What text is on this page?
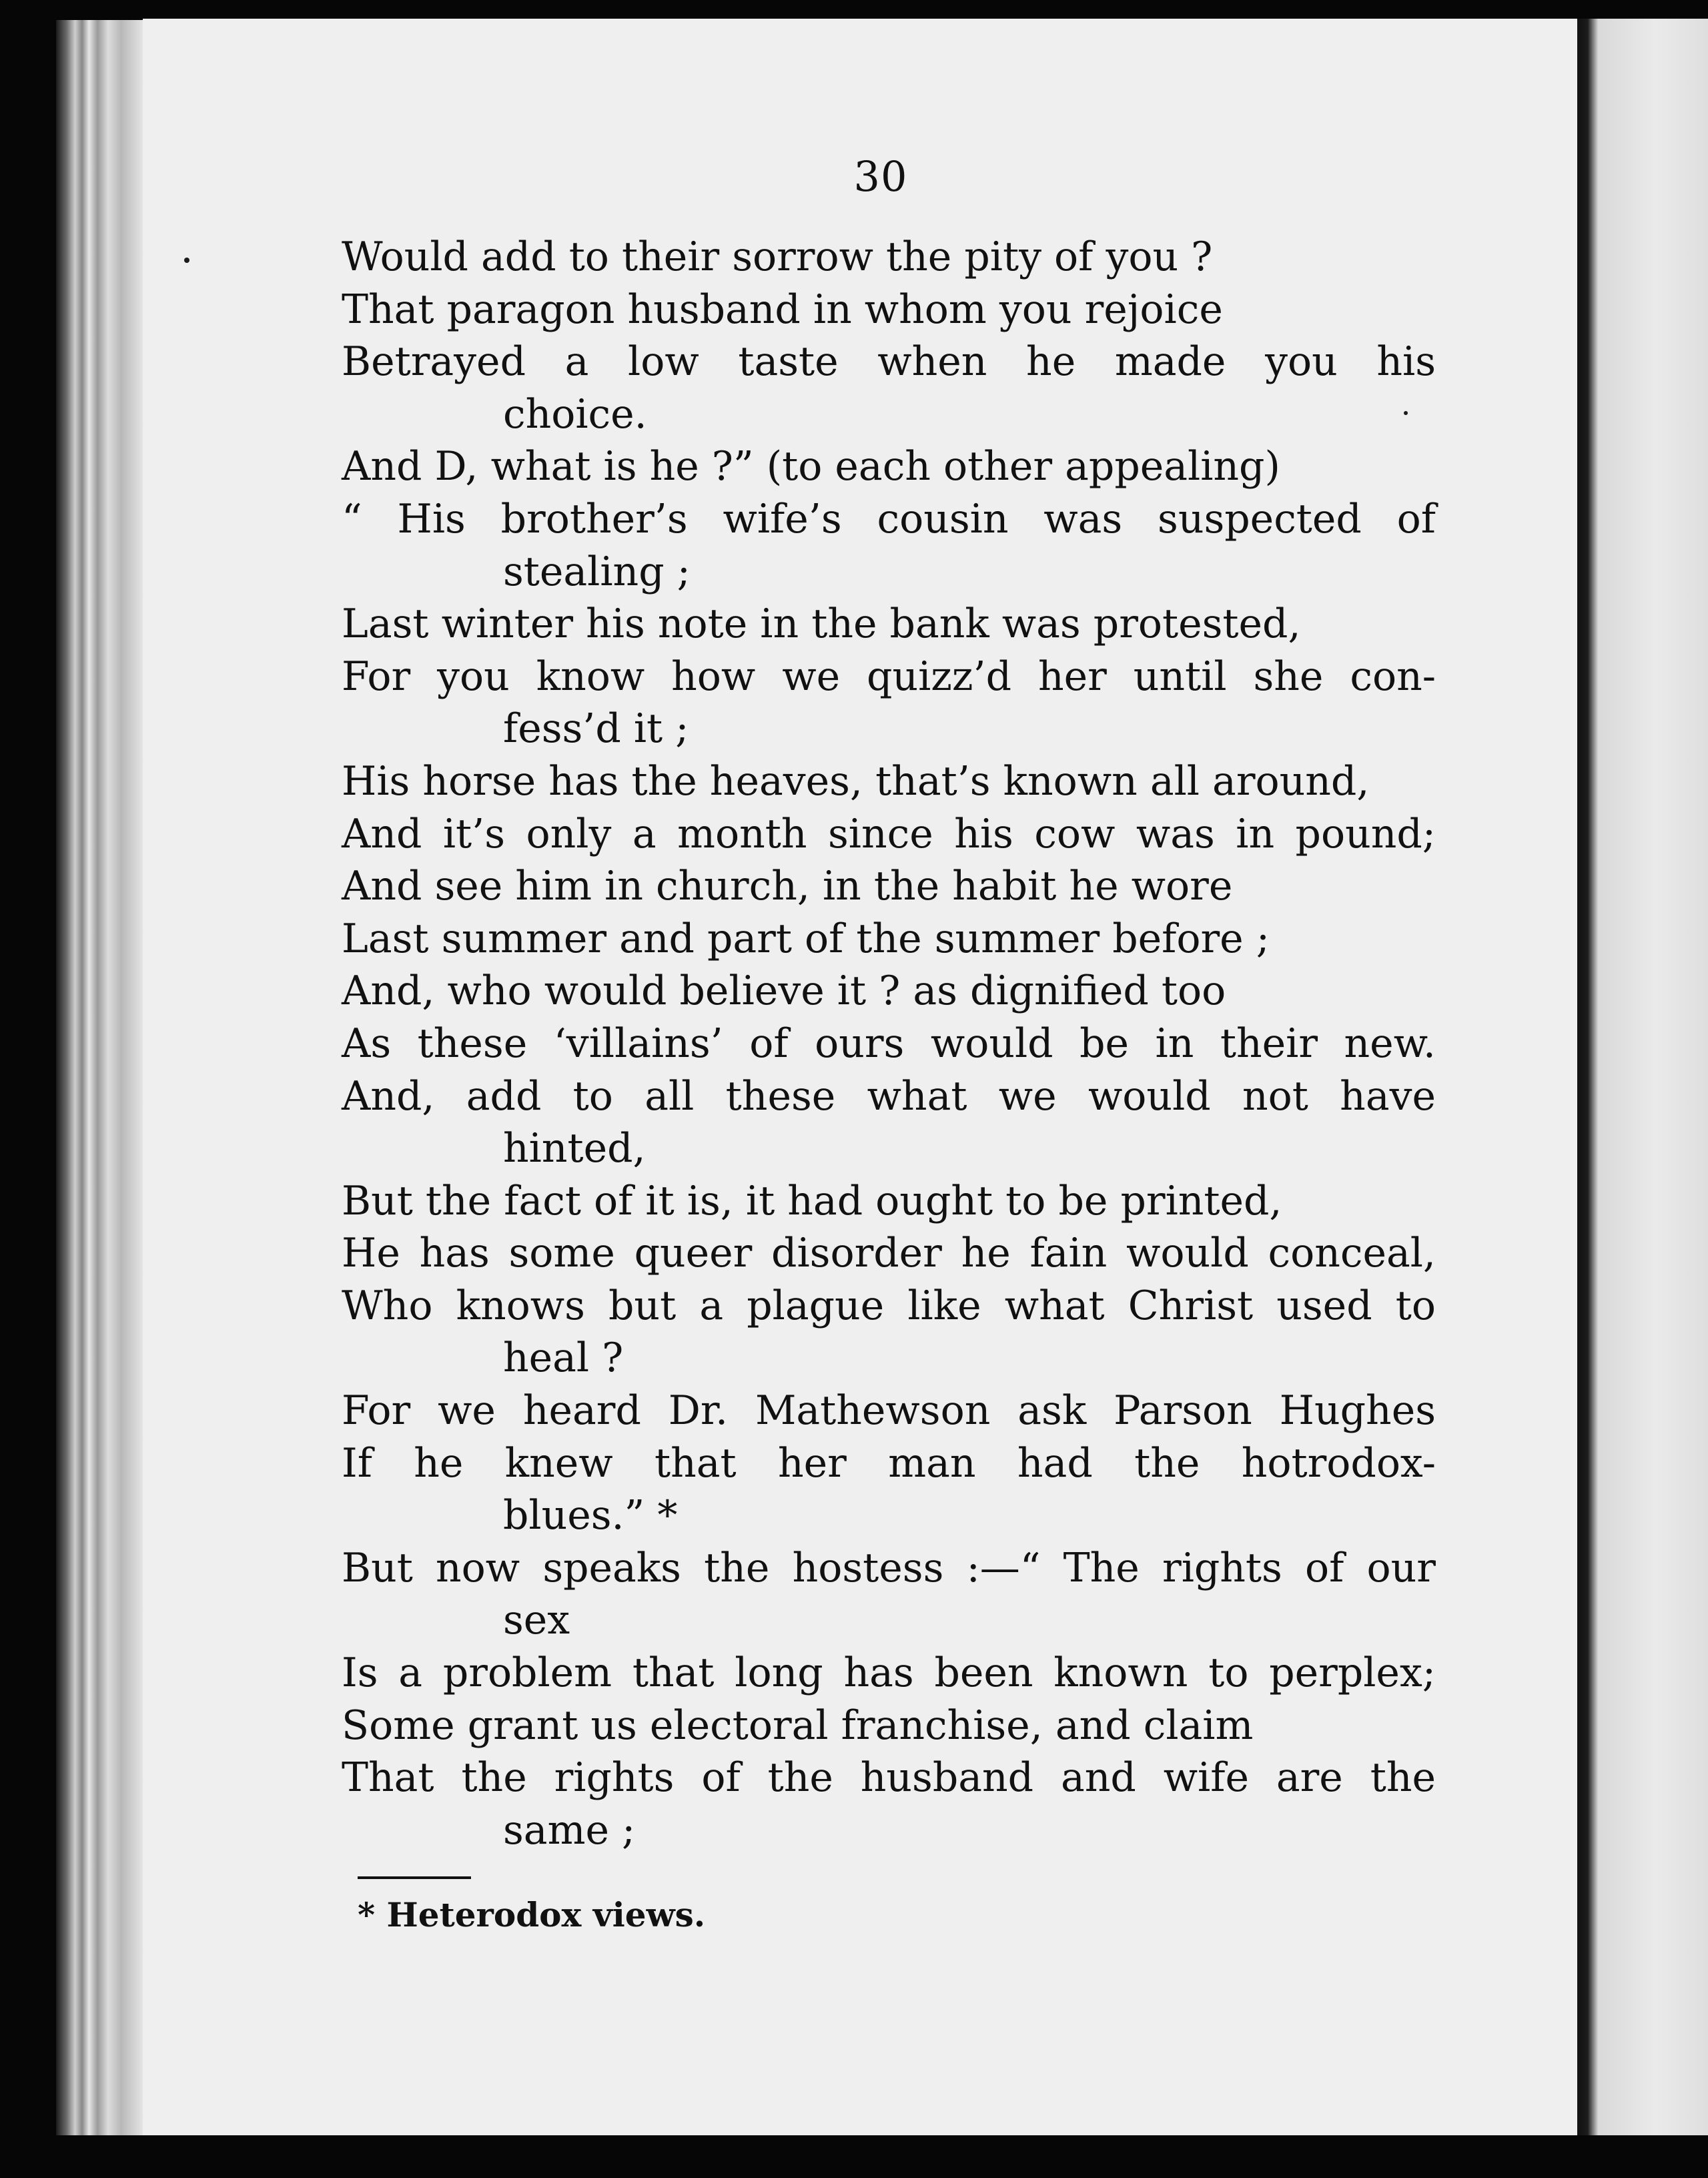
30
Would add to their sorrow the pity of you ?
That paragon husband in whom you rejoice
Betrayed a low taste when he made you his
choice.
And D, what is he ?” (to each other appealing)
“ His brother’s wife’s cousin was suspected of
stealing ;
Last winter his note in the bank was protested,
For you know how we quizz’d her until she con-
fess’d it ;
His horse has the heaves, that’s known all around,
And it’s only a month since his cow was in pound;
And see him in church, in the habit he wore
Last summer and part of the summer before ;
And, who would believe it ? as dignified too
As these ‘villains’ of ours would be in their new.
And, add to all these what we would not have
hinted,
But the fact of it is, it had ought to be printed,
He has some queer disorder he fain would conceal,
Who knows but a plague like what Christ used to
heal ?
For we heard Dr. Mathewson ask Parson Hughes
If he knew that her man had the hotrodox-
blues.” *
But now speaks the hostess :—“ The rights of our
sex
Is a problem that long has been known to perplex;
Some grant us electoral franchise, and claim
That the rights of the husband and wife are the
same ;
* Heterodox views.
